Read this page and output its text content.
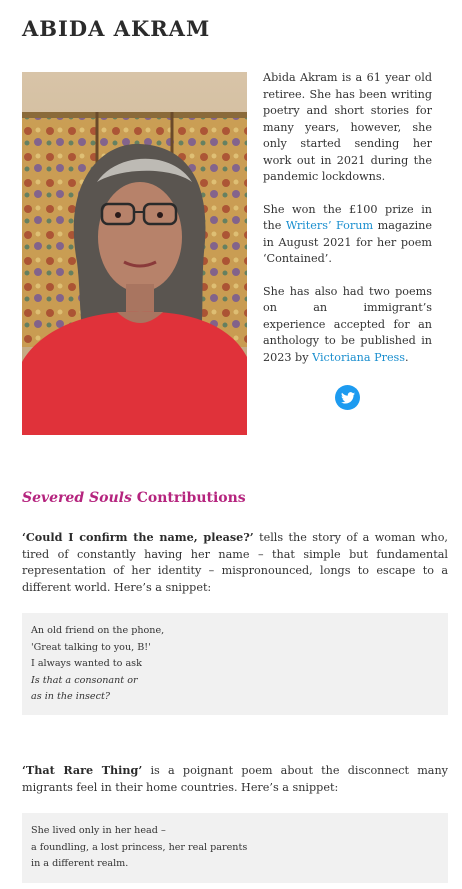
ABIDA AKRAM

Abida Akram is a 61 year old retiree. She has been writing poetry and short stories for many years, however, she only started sending her work out in 2021 during the pandemic lockdowns.

She won the £100 prize in the Writers’ Forum magazine in August 2021 for her poem ‘Contained’.

She has also had two poems on an immigrant’s experience accepted for an anthology to be published in 2023 by Victoriana Press.

Severed Souls Contributions

‘Could I confirm the name, please?’ tells the story of a woman who, tired of constantly having her name – that simple but fundamental representation of her identity – mispronounced, longs to escape to a different world. Here’s a snippet:

An old friend on the phone,
'Great talking to you, B!'
I always wanted to ask
Is that a consonant or
as in the insect?

‘That Rare Thing’ is a poignant poem about the disconnect many migrants feel in their home countries. Here’s a snippet:

She lived only in her head –
a foundling, a lost princess, her real parents
in a different realm.
